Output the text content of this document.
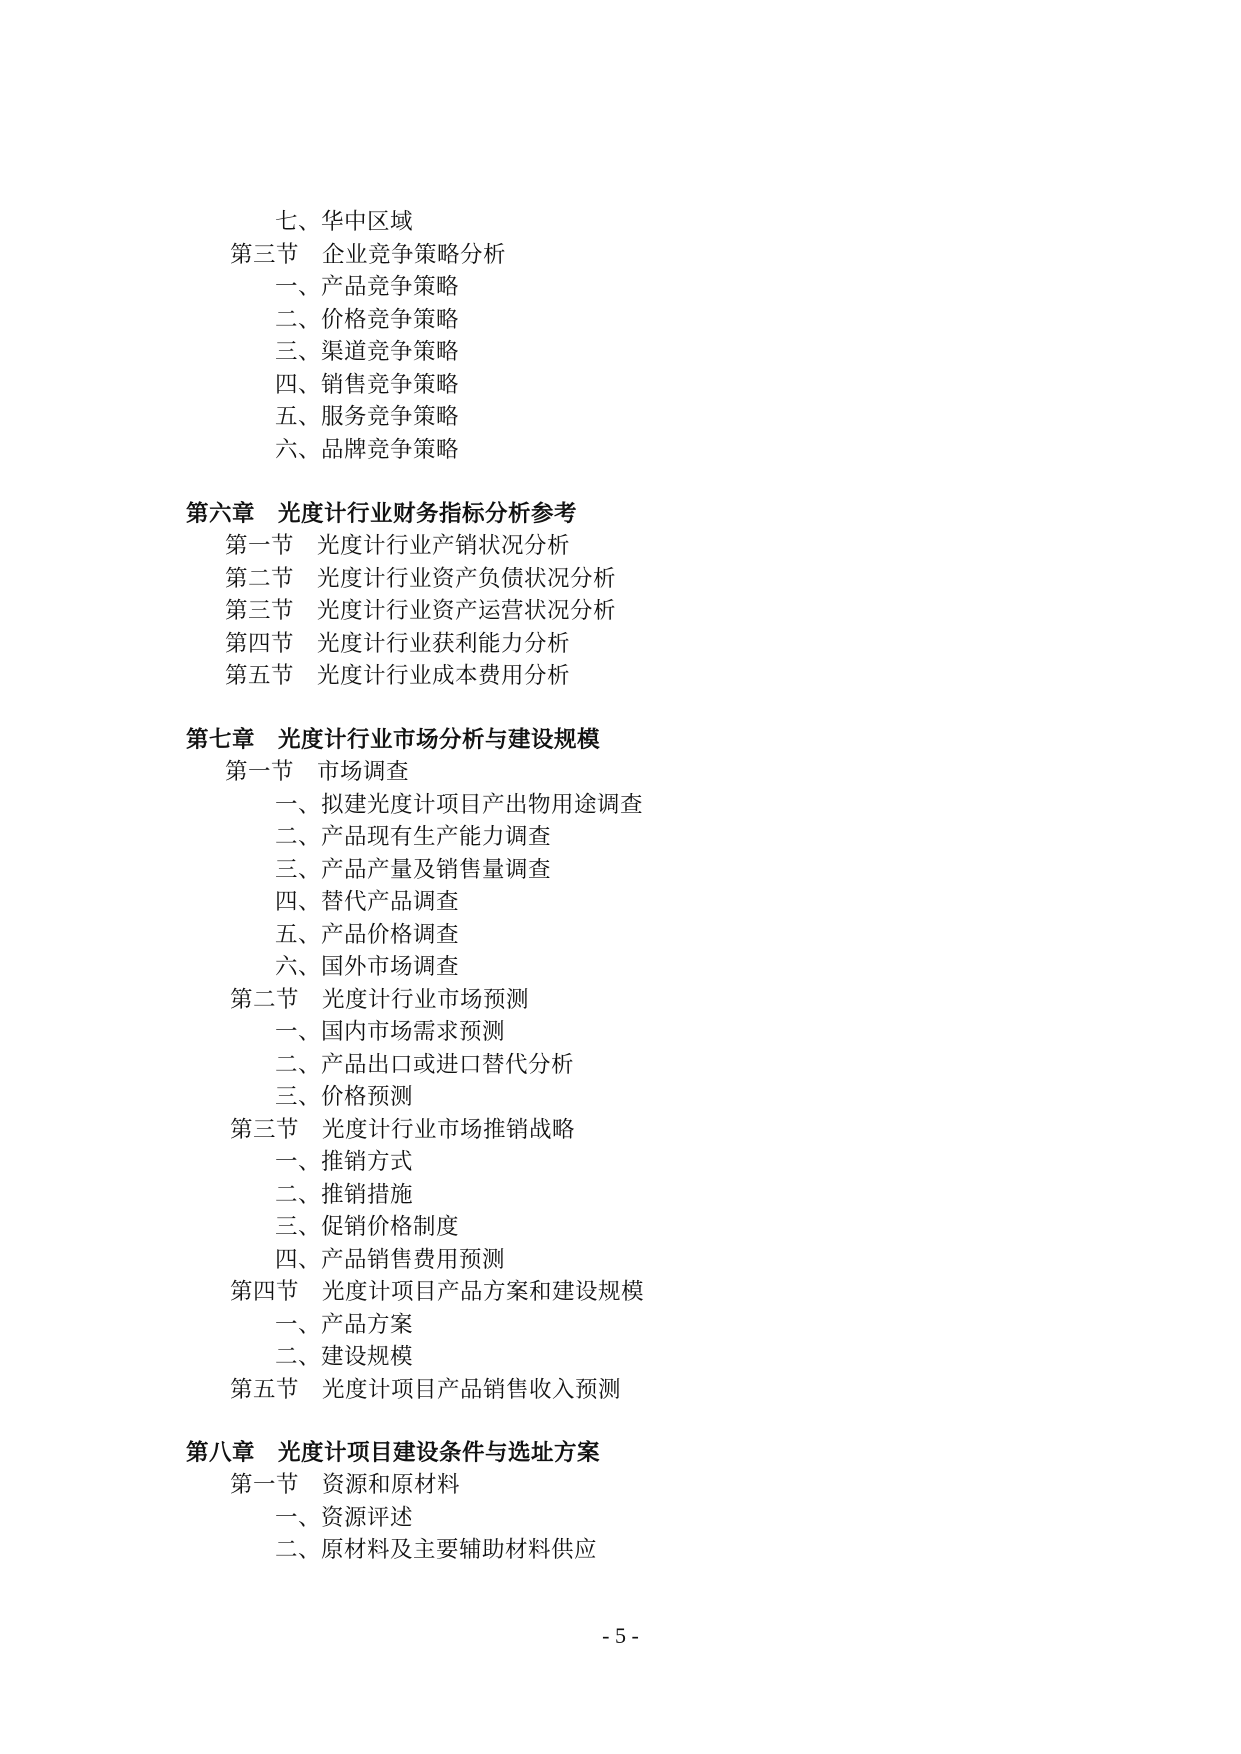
七、华中区域
第三节　企业竞争策略分析
一、产品竞争策略
二、价格竞争策略
三、渠道竞争策略
四、销售竞争策略
五、服务竞争策略
六、品牌竞争策略
第六章　光度计行业财务指标分析参考
第一节　光度计行业产销状况分析
第二节　光度计行业资产负债状况分析
第三节　光度计行业资产运营状况分析
第四节　光度计行业获利能力分析
第五节　光度计行业成本费用分析
第七章　光度计行业市场分析与建设规模
第一节　市场调查
一、拟建光度计项目产出物用途调查
二、产品现有生产能力调查
三、产品产量及销售量调查
四、替代产品调查
五、产品价格调查
六、国外市场调查
第二节　光度计行业市场预测
一、国内市场需求预测
二、产品出口或进口替代分析
三、价格预测
第三节　光度计行业市场推销战略
一、推销方式
二、推销措施
三、促销价格制度
四、产品销售费用预测
第四节　光度计项目产品方案和建设规模
一、产品方案
二、建设规模
第五节　光度计项目产品销售收入预测
第八章　光度计项目建设条件与选址方案
第一节　资源和原材料
一、资源评述
二、原材料及主要辅助材料供应
- 5 -
